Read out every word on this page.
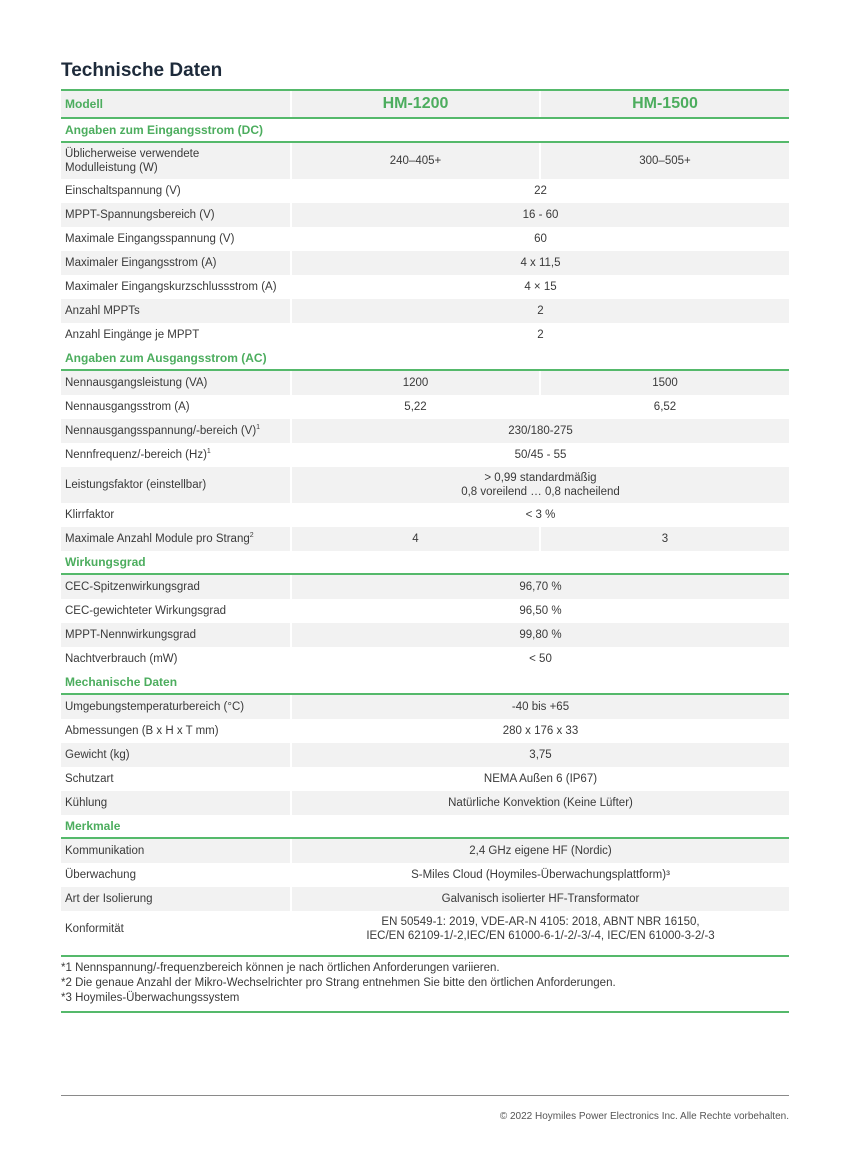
Technische Daten
Modell	HM-1200	HM-1500
Angaben zum Eingangsstrom (DC)		
Üblicherweise verwendete Modulleistung (W)	240–405+	300–505+
Einschaltspannung (V)	22	
MPPT-Spannungsbereich (V)	16 - 60	
Maximale Eingangsspannung (V)	60	
Maximaler Eingangsstrom (A)	4 x 11,5	
Maximaler Eingangskurzschlussstrom (A)	4 × 15	
Anzahl MPPTs	2	
Anzahl Eingänge je MPPT	2	
Angaben zum Ausgangsstrom (AC)		
Nennausgangsleistung (VA)	1200	1500
Nennausgangsstrom (A)	5,22	6,52
Nennausgangsspannung/-bereich $(V)^1$	230/180-275	
Nennfrequenz/-bereich $(Hz)^1$	50/45 - 55	
Leistungsfaktor (einstellbar)	> 0,99 standardmäßig
0,8 voreilend … 0,8 nacheilend	
Klirrfaktor	< 3 %	
Maximale Anzahl Module pro Strang$^2$	4	3
Wirkungsgrad		
CEC-Spitzenwirkungsgrad	96,70 %	
CEC-gewichteter Wirkungsgrad	96,50 %	
MPPT-Nennwirkungsgrad	99,80 %	
Nachtverbrauch (mW)	< 50	
Mechanische Daten		
Umgebungstemperaturbereich (°C)	-40 bis +65	
Abmessungen (B x H x T mm)	280 x 176 x 33	
Gewicht (kg)	3,75	
Schutzart	NEMA Außen 6 (IP67)	
Kühlung	Natürliche Konvektion (Keine Lüfter)	
Merkmale		
Kommunikation	2,4 GHz eigene HF (Nordic)	
Überwachung	S-Miles Cloud (Hoymiles-Überwachungsplattform)³	
Art der Isolierung	Galvanisch isolierter HF-Transformator	
Konformität	EN 50549-1: 2019, VDE-AR-N 4105: 2018, ABNT NBR 16150,
IEC/EN 62109-1/-2,IEC/EN 61000-6-1/-2/-3/-4, IEC/EN 61000-3-2/-3	
*1 Nennspannung/-frequenzbereich können je nach örtlichen Anforderungen variieren.
*2 Die genaue Anzahl der Mikro-Wechselrichter pro Strang entnehmen Sie bitte den örtlichen Anforderungen.
*3 Hoymiles-Überwachungssystem
© 2022 Hoymiles Power Electronics Inc. Alle Rechte vorbehalten.
